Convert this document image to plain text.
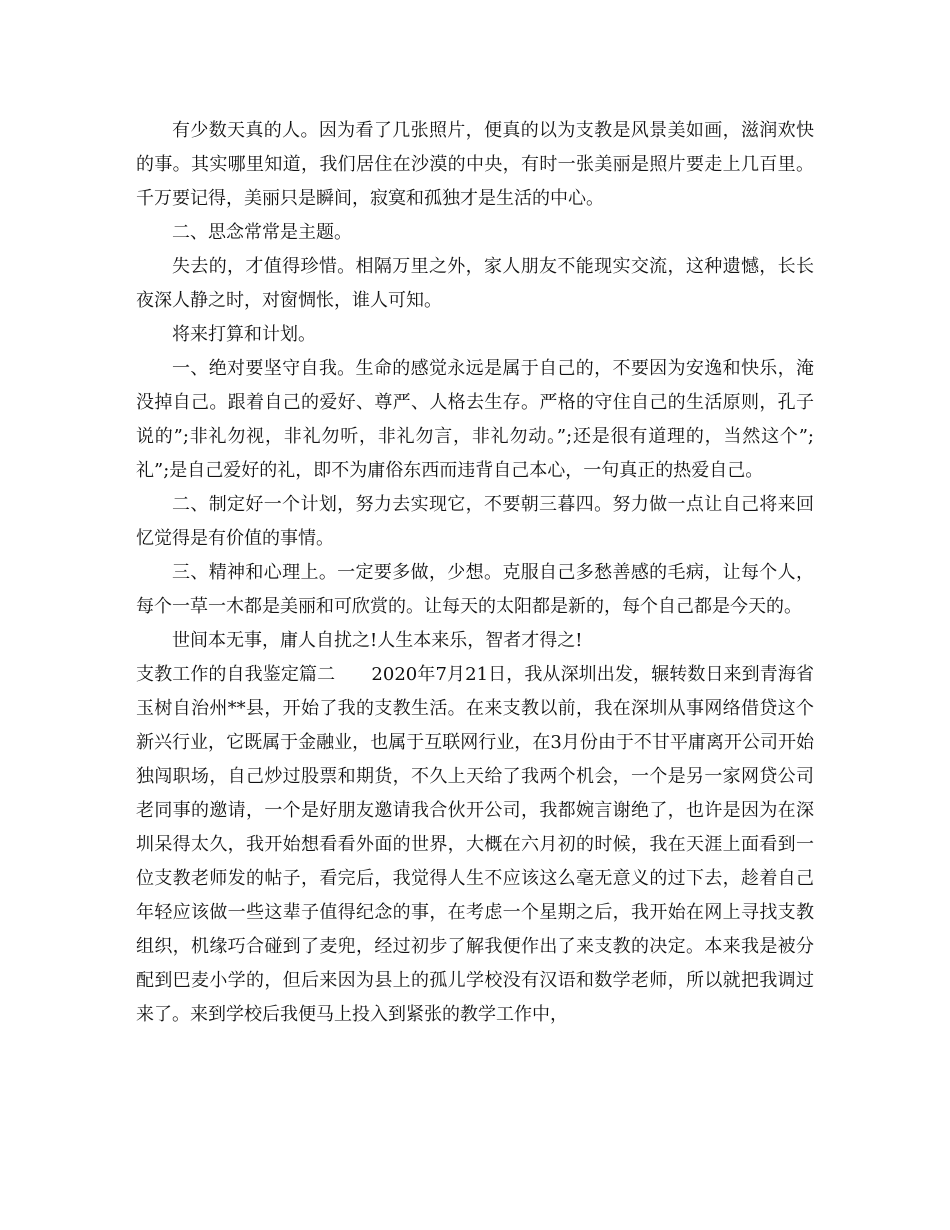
有少数天真的人。因为看了几张照片，便真的以为支教是风景美如画，滋润欢快的事。其实哪里知道，我们居住在沙漠的中央，有时一张美丽是照片要走上几百里。千万要记得，美丽只是瞬间，寂寞和孤独才是生活的中心。

二、思念常常是主题。

失去的，才值得珍惜。相隔万里之外，家人朋友不能现实交流，这种遗憾，长长夜深人静之时，对窗惆怅，谁人可知。

将来打算和计划。

一、绝对要坚守自我。生命的感觉永远是属于自己的，不要因为安逸和快乐，淹没掉自己。跟着自己的爱好、尊严、人格去生存。严格的守住自己的生活原则，孔子说的”;非礼勿视，非礼勿听，非礼勿言，非礼勿动。”;还是很有道理的，当然这个”;礼”;是自己爱好的礼，即不为庸俗东西而违背自己本心，一句真正的热爱自己。

二、制定好一个计划，努力去实现它，不要朝三暮四。努力做一点让自己将来回忆觉得是有价值的事情。

三、精神和心理上。一定要多做，少想。克服自己多愁善感的毛病，让每个人，每个一草一木都是美丽和可欣赏的。让每天的太阳都是新的，每个自己都是今天的。

世间本无事，庸人自扰之!人生本来乐，智者才得之!

支教工作的自我鉴定篇二　　2020年7月21日，我从深圳出发，辗转数日来到青海省玉树自治州**县，开始了我的支教生活。在来支教以前，我在深圳从事网络借贷这个新兴行业，它既属于金融业，也属于互联网行业，在3月份由于不甘平庸离开公司开始独闯职场，自己炒过股票和期货，不久上天给了我两个机会，一个是另一家网贷公司老同事的邀请，一个是好朋友邀请我合伙开公司，我都婉言谢绝了，也许是因为在深圳呆得太久，我开始想看看外面的世界，大概在六月初的时候，我在天涯上面看到一位支教老师发的帖子，看完后，我觉得人生不应该这么毫无意义的过下去，趁着自己年轻应该做一些这辈子值得纪念的事，在考虑一个星期之后，我开始在网上寻找支教组织，机缘巧合碰到了麦兜，经过初步了解我便作出了来支教的决定。本来我是被分配到巴麦小学的，但后来因为县上的孤儿学校没有汉语和数学老师，所以就把我调过来了。来到学校后我便马上投入到紧张的教学工作中，
